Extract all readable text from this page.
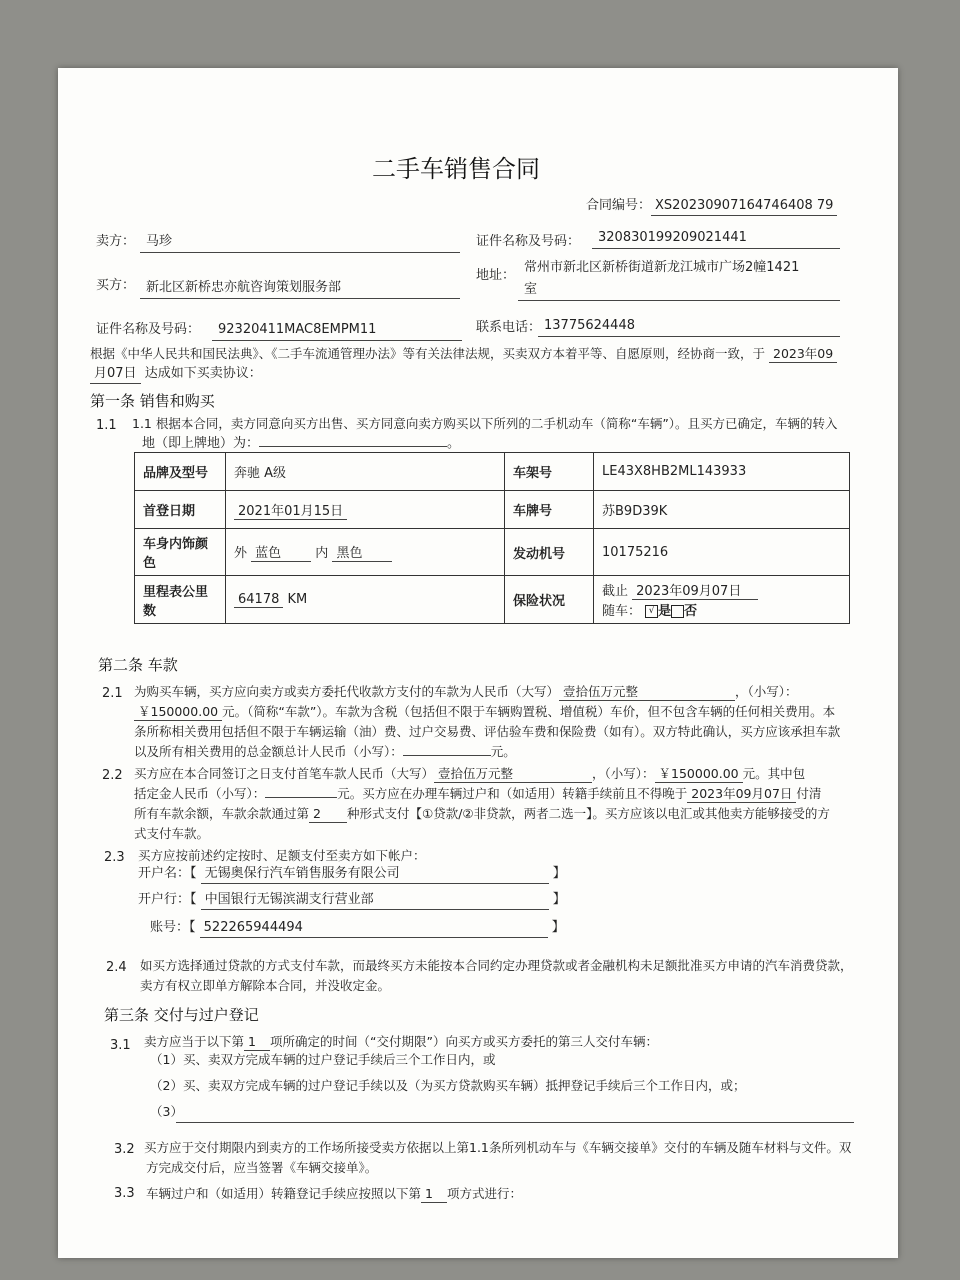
二手车销售合同
合同编号： XS20230907164746408 79
卖方： 马珍	证件名称及号码： 320830199209021441
买方： 新北区新桥忠亦航咨询策划服务部
地址：
常州市新北区新桥街道新龙江城市广场2幢1421
室
证件名称及号码： 92320411MAC8EMPM11	联系电话： 13775624448
根据《中华人民共和国民法典》、《二手车流通管理办法》等有关法律法规，买卖双方本着平等、自愿原则，经协商一致，于 2023年09
月07日 达成如下买卖协议：
第一条 销售和购买
1.1 1.1 根据本合同，卖方同意向买方出售、买方同意向卖方购买以下所列的二手机动车（简称“车辆”）。且买方已确定，车辆的转入
地（即上牌地）为：	。
品牌及型号	奔驰 A级	车架号	LE43X8HB2ML143933
首登日期	2021年01月15日	车牌号	苏B9D39K
车身内饰颜色	外 蓝色 内 黑色	发动机号	10175216
里程表公里数	64178 KM	保险状况	截止 2023年09月07日
随车： √ 是 否
第二条 车款
2.1 为购买车辆，买方应向卖方或卖方委托代收款方支付的车款为人民币（大写） 壹拾伍万元整	，（小写）：
￥150000.00 元。（简称“车款”）。车款为含税（包括但不限于车辆购置税、增值税）车价，但不包含车辆的任何相关费用。本
条所称相关费用包括但不限于车辆运输（油）费、过户交易费、评估验车费和保险费（如有）。双方特此确认，买方应该承担车款
以及所有相关费用的总金额总计人民币（小写）：	元。
2.2 买方应在本合同签订之日支付首笔车款人民币（大写） 壹拾伍万元整	，（小写）： ￥150000.00 元。其中包
括定金人民币（小写）：	元。买方应在办理车辆过户和（如适用）转籍手续前且不得晚于 2023年09月07日 付清
所有车款余额，车款余款通过第 2 种形式支付【①贷款/②非贷款，两者二选一】。买方应该以电汇或其他卖方能够接受的方
式支付车款。
2.3 买方应按前述约定按时、足额支付至卖方如下帐户：
开户名：【 无锡奥保行汽车销售服务有限公司	】
开户行：【 中国银行无锡滨湖支行营业部	】
账号：【 522265944494	】
2.4 如买方选择通过贷款的方式支付车款，而最终买方未能按本合同约定办理贷款或者金融机构未足额批准买方申请的汽车消费贷款，
卖方有权立即单方解除本合同，并没收定金。
第三条 交付与过户登记
3.1 卖方应当于以下第 1 项所确定的时间（“交付期限”）向买方或买方委托的第三人交付车辆：
（1）买、卖双方完成车辆的过户登记手续后三个工作日内，或
（2）买、卖双方完成车辆的过户登记手续以及（为买方贷款购买车辆）抵押登记手续后三个工作日内，或；
（3）
3.2 买方应于交付期限内到卖方的工作场所接受卖方依据以上第1.1条所列机动车与《车辆交接单》交付的车辆及随车材料与文件。双
方完成交付后，应当签署《车辆交接单》。
3.3 车辆过户和（如适用）转籍登记手续应按照以下第 1 项方式进行：
